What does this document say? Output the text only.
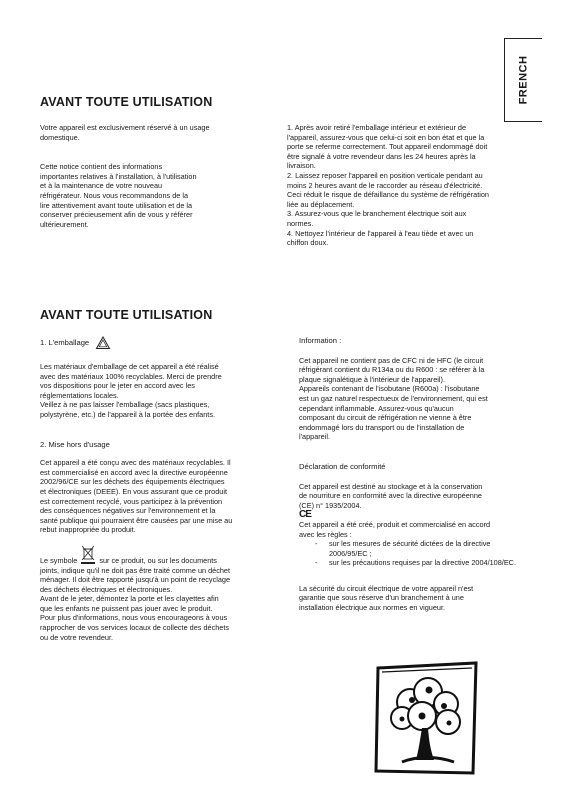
FRENCH
AVANT TOUTE UTILISATION

Votre appareil est exclusivement réservé à un usage

domestique.

Cette notice contient des informations

importantes relatives à l'installation, à l'utilisation

et à la maintenance de votre nouveau

réfrigérateur. Nous vous recommandons de la

lire attentivement avant toute utilisation et de la

conserver précieusement afin de vous y référer

ultérieurement.

1. Après avoir retiré l'emballage intérieur et extérieur de

l'appareil, assurez-vous que celui-ci soit en bon état et que la

porte se referme correctement. Tout appareil endommagé doit

être signalé à votre revendeur dans les 24 heures après la

livraison.

2. Laissez reposer l'appareil en position verticale pendant au

moins 2 heures avant de le raccorder au réseau d'électricité.

Ceci réduit le risque de défaillance du système de réfrigération

liée au déplacement.

3. Assurez-vous que le branchement électrique soit aux

normes.

4. Nettoyez l'intérieur de l'appareil à l'eau tiède et avec un

chiffon doux.

AVANT TOUTE UTILISATION

1. L'emballage

Les matériaux d'emballage de cet appareil a été réalisé

avec des matériaux 100% recyclables. Merci de prendre

vos dispositions pour le jeter en accord avec les

réglementations locales.

Veillez à ne pas laisser l'emballage (sacs plastiques,

polystyrène, etc.) de l'appareil à la portée des enfants.

2. Mise hors d'usage

Cet appareil a été conçu avec des matériaux recyclables. Il

est commercialisé en accord avec la directive européenne

2002/96/CE sur les déchets des équipements électriques

et électroniques (DEEE). En vous assurant que ce produit

est correctement recyclé, vous participez à la prévention

des conséquences négatives sur l'environnement et la

santé publique qui pourraient être causées par une mise au

rebut inappropriée du produit.

Le symbole	sur ce produit, ou sur les documents

joints, indique qu'il ne doit pas être traité comme un déchet

ménager. Il doit être rapporté jusqu'à un point de recyclage

des déchets électriques et électroniques.

Avant de le jeter, démontez la porte et les clayettes afin

que les enfants ne puissent pas jouer avec le produit.

Pour plus d'informations, nous vous encourageons à vous

rapprocher de vos services locaux de collecte des déchets

ou de votre revendeur.

Information :

Cet appareil ne contient pas de CFC ni de HFC (le circuit

réfrigérant contient du R134a ou du R600 : se référer à la

plaque signalétique à l'intérieur de l'appareil).

Appareils contenant de l'isobutane (R600a) : l'isobutane

est un gaz naturel respectueux de l'environnement, qui est

cependant inflammable. Assurez-vous qu'aucun

composant du circuit de réfrigération ne vienne à être

endommagé lors du transport ou de l'installation de

l'appareil.

Déclaration de conformité

Cet appareil est destiné au stockage et à la conservation

de nourriture en conformité avec la directive européenne

(CE) n° 1935/2004.

CE

Cet appareil a été créé, produit et commercialisé en accord

avec les règles :

- sur les mesures de sécurité dictées de la directive 2006/95/EC ;
- sur les précautions requises par la directive 2004/108/EC.

La sécurité du circuit électrique de votre appareil n'est

garantie que sous réserve d'un branchement à une

installation électrique aux normes en vigueur.
